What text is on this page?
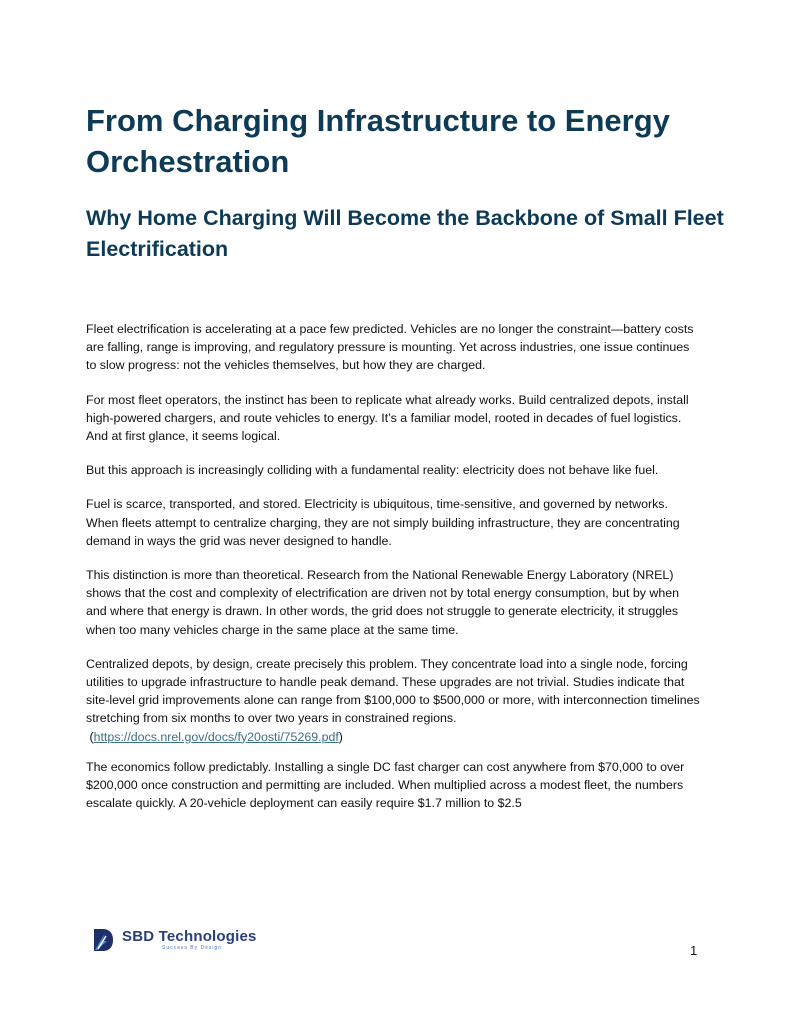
From Charging Infrastructure to Energy Orchestration
Why Home Charging Will Become the Backbone of Small Fleet Electrification

Fleet electrification is accelerating at a pace few predicted. Vehicles are no longer the constraint—battery costs are falling, range is improving, and regulatory pressure is mounting. Yet across industries, one issue continues to slow progress: not the vehicles themselves, but how they are charged.

For most fleet operators, the instinct has been to replicate what already works. Build centralized depots, install high-powered chargers, and route vehicles to energy. It’s a familiar model, rooted in decades of fuel logistics. And at first glance, it seems logical.

But this approach is increasingly colliding with a fundamental reality: electricity does not behave like fuel.

Fuel is scarce, transported, and stored. Electricity is ubiquitous, time-sensitive, and governed by networks. When fleets attempt to centralize charging, they are not simply building infrastructure, they are concentrating demand in ways the grid was never designed to handle.

This distinction is more than theoretical. Research from the National Renewable Energy Laboratory (NREL) shows that the cost and complexity of electrification are driven not by total energy consumption, but by when and where that energy is drawn. In other words, the grid does not struggle to generate electricity, it struggles when too many vehicles charge in the same place at the same time.

Centralized depots, by design, create precisely this problem. They concentrate load into a single node, forcing utilities to upgrade infrastructure to handle peak demand. These upgrades are not trivial. Studies indicate that site-level grid improvements alone can range from $100,000 to $500,000 or more, with interconnection timelines stretching from six months to over two years in constrained regions.
(https://docs.nrel.gov/docs/fy20osti/75269.pdf)

The economics follow predictably. Installing a single DC fast charger can cost anywhere from $70,000 to over $200,000 once construction and permitting are included. When multiplied across a modest fleet, the numbers escalate quickly. A 20-vehicle deployment can easily require $1.7 million to $2.5

SBD Technologies
Success By Design	1
